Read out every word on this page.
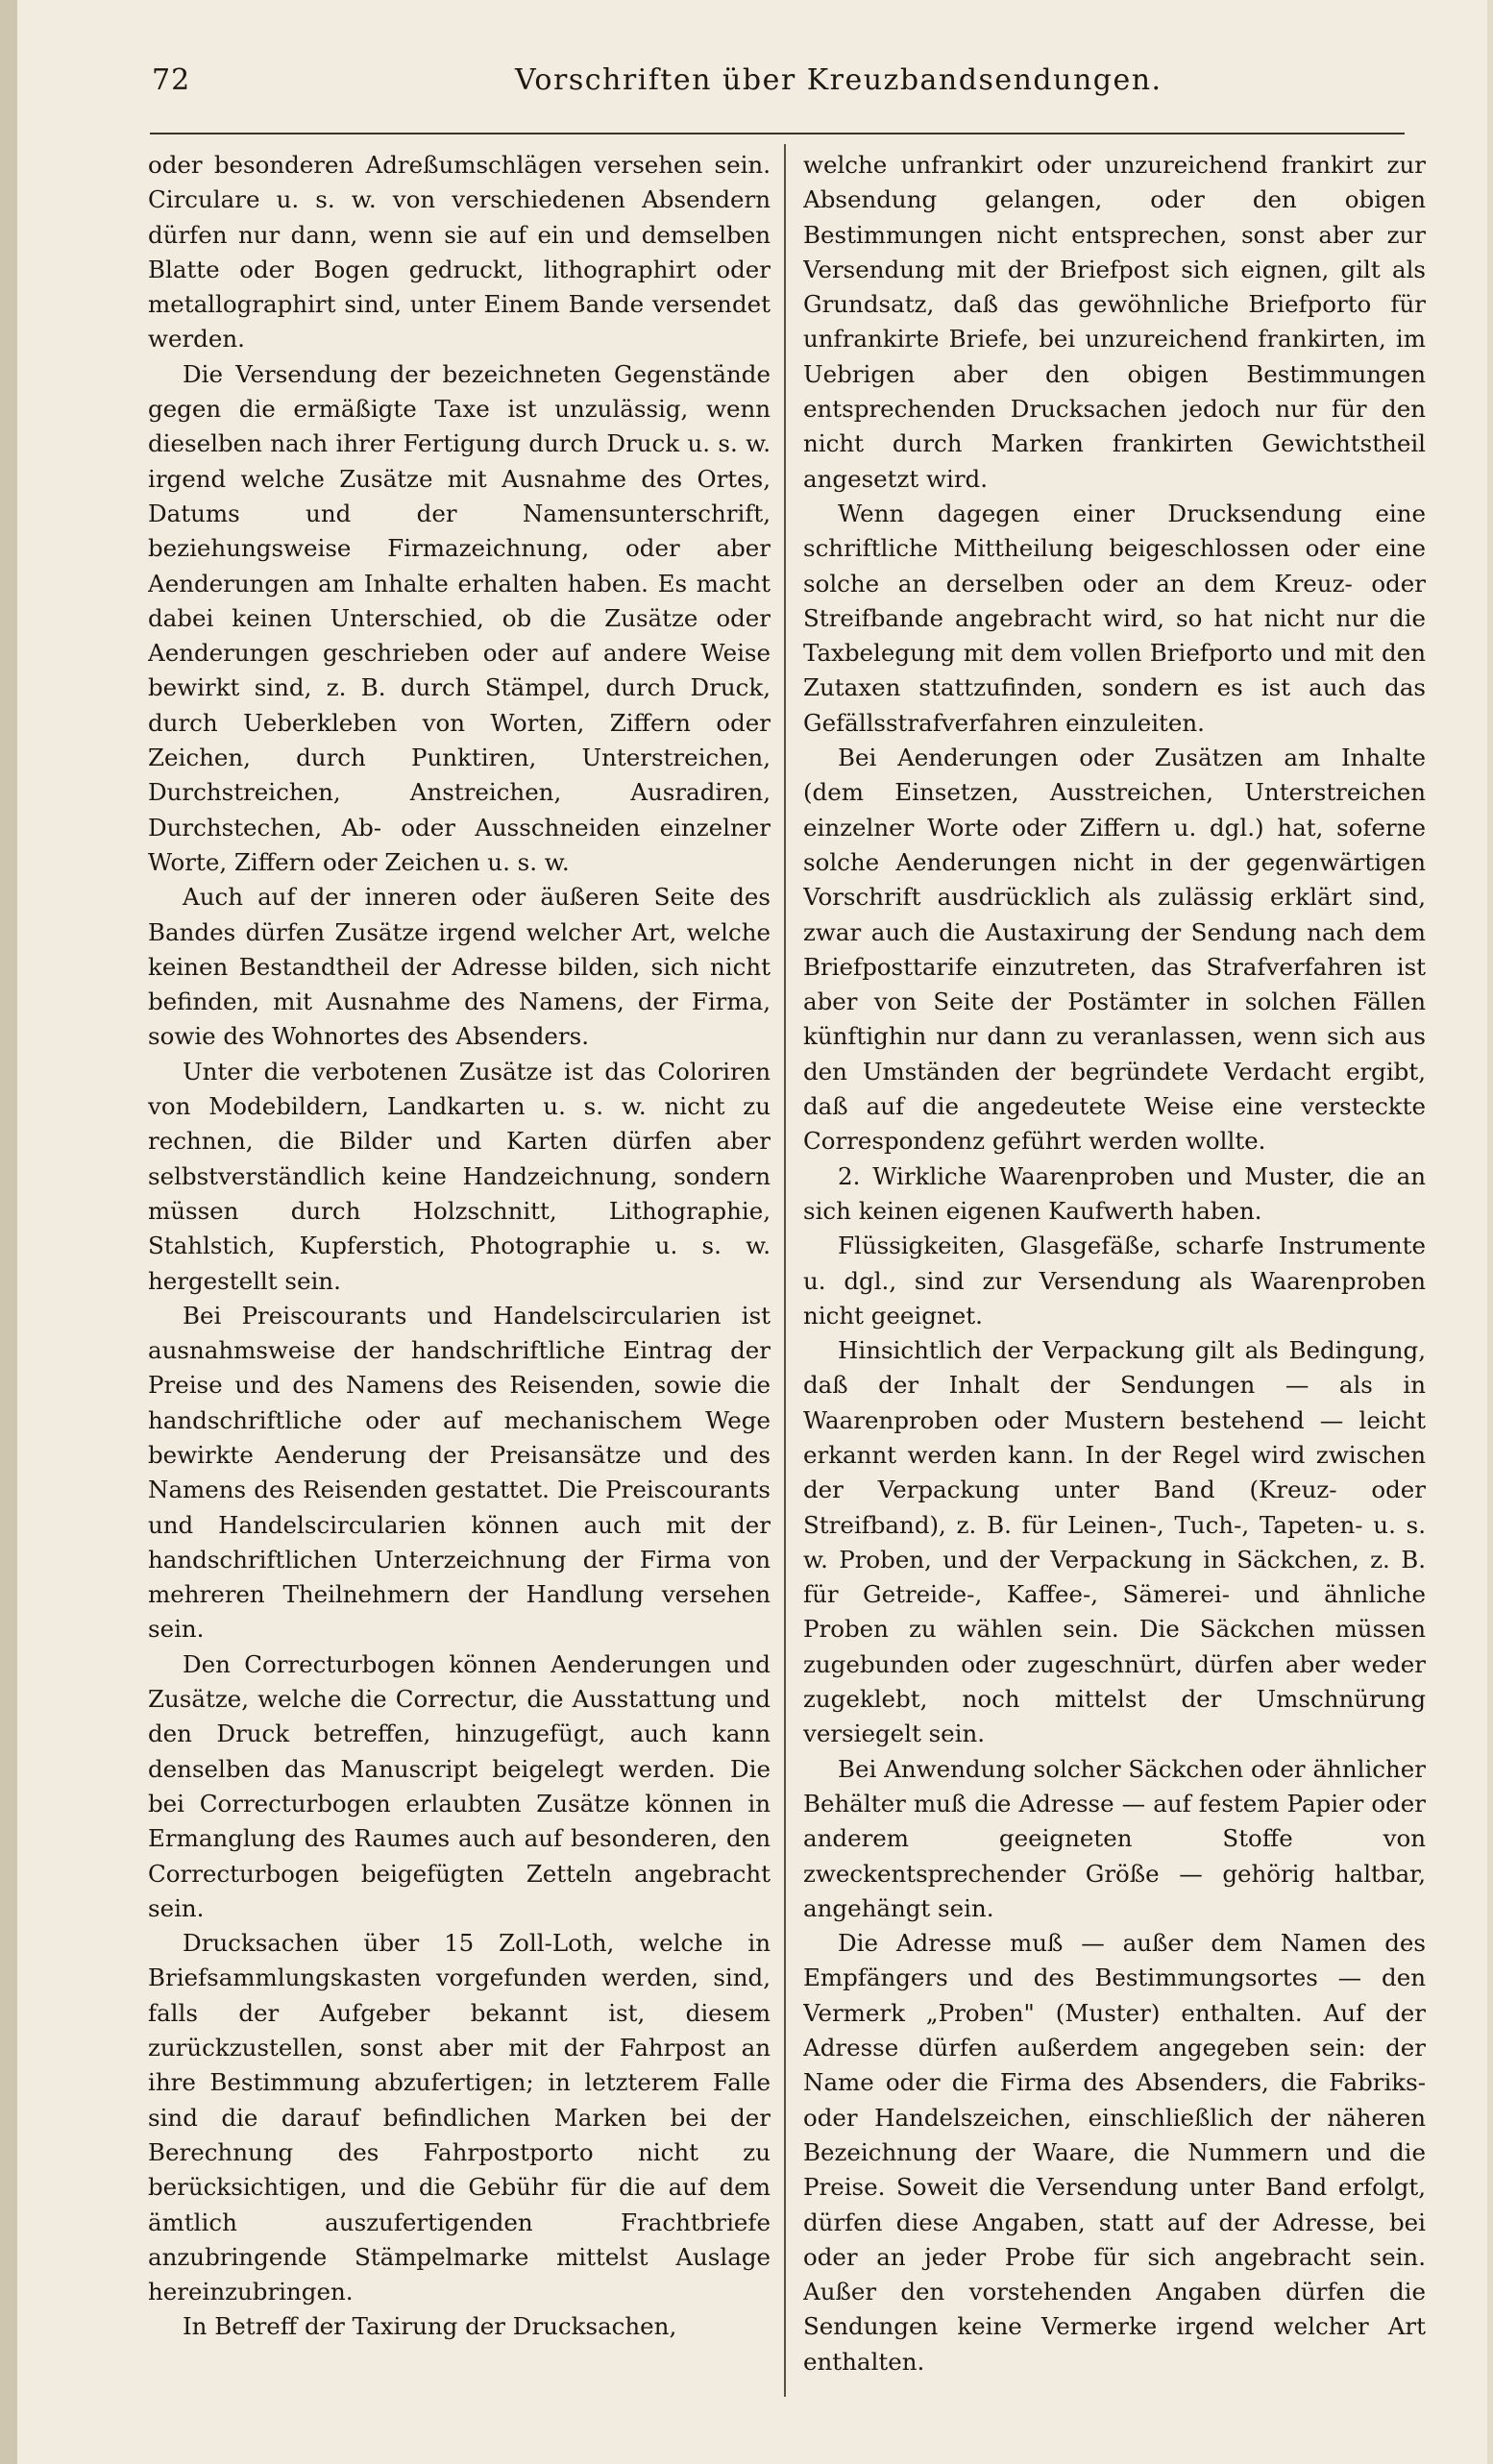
72	Vorschriften über Kreuzbandsendungen.

oder besonderen Adreßumschlägen versehen sein. Circulare u. s. w. von verschiedenen Absendern dürfen nur dann, wenn sie auf ein und demselben Blatte oder Bogen gedruckt, lithographirt oder metallographirt sind, unter Einem Bande versendet werden.

Die Versendung der bezeichneten Gegenstände gegen die ermäßigte Taxe ist unzulässig, wenn dieselben nach ihrer Fertigung durch Druck u. s. w. irgend welche Zusätze mit Ausnahme des Ortes, Datums und der Namensunterschrift, beziehungsweise Firmazeichnung, oder aber Aenderungen am Inhalte erhalten haben. Es macht dabei keinen Unterschied, ob die Zusätze oder Aenderungen geschrieben oder auf andere Weise bewirkt sind, z. B. durch Stämpel, durch Druck, durch Ueberkleben von Worten, Ziffern oder Zeichen, durch Punktiren, Unterstreichen, Durchstreichen, Anstreichen, Ausradiren, Durchstechen, Ab- oder Ausschneiden einzelner Worte, Ziffern oder Zeichen u. s. w.

Auch auf der inneren oder äußeren Seite des Bandes dürfen Zusätze irgend welcher Art, welche keinen Bestandtheil der Adresse bilden, sich nicht befinden, mit Ausnahme des Namens, der Firma, sowie des Wohnortes des Absenders.

Unter die verbotenen Zusätze ist das Coloriren von Modebildern, Landkarten u. s. w. nicht zu rechnen, die Bilder und Karten dürfen aber selbstverständlich keine Handzeichnung, sondern müssen durch Holzschnitt, Lithographie, Stahlstich, Kupferstich, Photographie u. s. w. hergestellt sein.

Bei Preiscourants und Handelscircularien ist ausnahmsweise der handschriftliche Eintrag der Preise und des Namens des Reisenden, sowie die handschriftliche oder auf mechanischem Wege bewirkte Aenderung der Preisansätze und des Namens des Reisenden gestattet. Die Preiscourants und Handelscircularien können auch mit der handschriftlichen Unterzeichnung der Firma von mehreren Theilnehmern der Handlung versehen sein.

Den Correcturbogen können Aenderungen und Zusätze, welche die Correctur, die Ausstattung und den Druck betreffen, hinzugefügt, auch kann denselben das Manuscript beigelegt werden. Die bei Correcturbogen erlaubten Zusätze können in Ermanglung des Raumes auch auf besonderen, den Correcturbogen beigefügten Zetteln angebracht sein.

Drucksachen über 15 Zoll-Loth, welche in Briefsammlungskasten vorgefunden werden, sind, falls der Aufgeber bekannt ist, diesem zurückzustellen, sonst aber mit der Fahrpost an ihre Bestimmung abzufertigen; in letzterem Falle sind die darauf befindlichen Marken bei der Berechnung des Fahrpostporto nicht zu berücksichtigen, und die Gebühr für die auf dem ämtlich auszufertigenden Frachtbriefe anzubringende Stämpelmarke mittelst Auslage hereinzubringen.

In Betreff der Taxirung der Drucksachen,

welche unfrankirt oder unzureichend frankirt zur Absendung gelangen, oder den obigen Bestimmungen nicht entsprechen, sonst aber zur Versendung mit der Briefpost sich eignen, gilt als Grundsatz, daß das gewöhnliche Briefporto für unfrankirte Briefe, bei unzureichend frankirten, im Uebrigen aber den obigen Bestimmungen entsprechenden Drucksachen jedoch nur für den nicht durch Marken frankirten Gewichtstheil angesetzt wird.

Wenn dagegen einer Drucksendung eine schriftliche Mittheilung beigeschlossen oder eine solche an derselben oder an dem Kreuz- oder Streifbande angebracht wird, so hat nicht nur die Taxbelegung mit dem vollen Briefporto und mit den Zutaxen stattzufinden, sondern es ist auch das Gefällsstrafverfahren einzuleiten.

Bei Aenderungen oder Zusätzen am Inhalte (dem Einsetzen, Ausstreichen, Unterstreichen einzelner Worte oder Ziffern u. dgl.) hat, soferne solche Aenderungen nicht in der gegenwärtigen Vorschrift ausdrücklich als zulässig erklärt sind, zwar auch die Austaxirung der Sendung nach dem Briefposttarife einzutreten, das Strafverfahren ist aber von Seite der Postämter in solchen Fällen künftighin nur dann zu veranlassen, wenn sich aus den Umständen der begründete Verdacht ergibt, daß auf die angedeutete Weise eine versteckte Correspondenz geführt werden wollte.

2. Wirkliche Waarenproben und Muster, die an sich keinen eigenen Kaufwerth haben.

Flüssigkeiten, Glasgefäße, scharfe Instrumente u. dgl., sind zur Versendung als Waarenproben nicht geeignet.

Hinsichtlich der Verpackung gilt als Bedingung, daß der Inhalt der Sendungen — als in Waarenproben oder Mustern bestehend — leicht erkannt werden kann. In der Regel wird zwischen der Verpackung unter Band (Kreuz- oder Streifband), z. B. für Leinen-, Tuch-, Tapeten- u. s. w. Proben, und der Verpackung in Säckchen, z. B. für Getreide-, Kaffee-, Sämerei- und ähnliche Proben zu wählen sein. Die Säckchen müssen zugebunden oder zugeschnürt, dürfen aber weder zugeklebt, noch mittelst der Umschnürung versiegelt sein.

Bei Anwendung solcher Säckchen oder ähnlicher Behälter muß die Adresse — auf festem Papier oder anderem geeigneten Stoffe von zweckentsprechender Größe — gehörig haltbar, angehängt sein.

Die Adresse muß — außer dem Namen des Empfängers und des Bestimmungsortes — den Vermerk „Proben" (Muster) enthalten. Auf der Adresse dürfen außerdem angegeben sein: der Name oder die Firma des Absenders, die Fabriks- oder Handelszeichen, einschließlich der näheren Bezeichnung der Waare, die Nummern und die Preise. Soweit die Versendung unter Band erfolgt, dürfen diese Angaben, statt auf der Adresse, bei oder an jeder Probe für sich angebracht sein. Außer den vorstehenden Angaben dürfen die Sendungen keine Vermerke irgend welcher Art enthalten.
